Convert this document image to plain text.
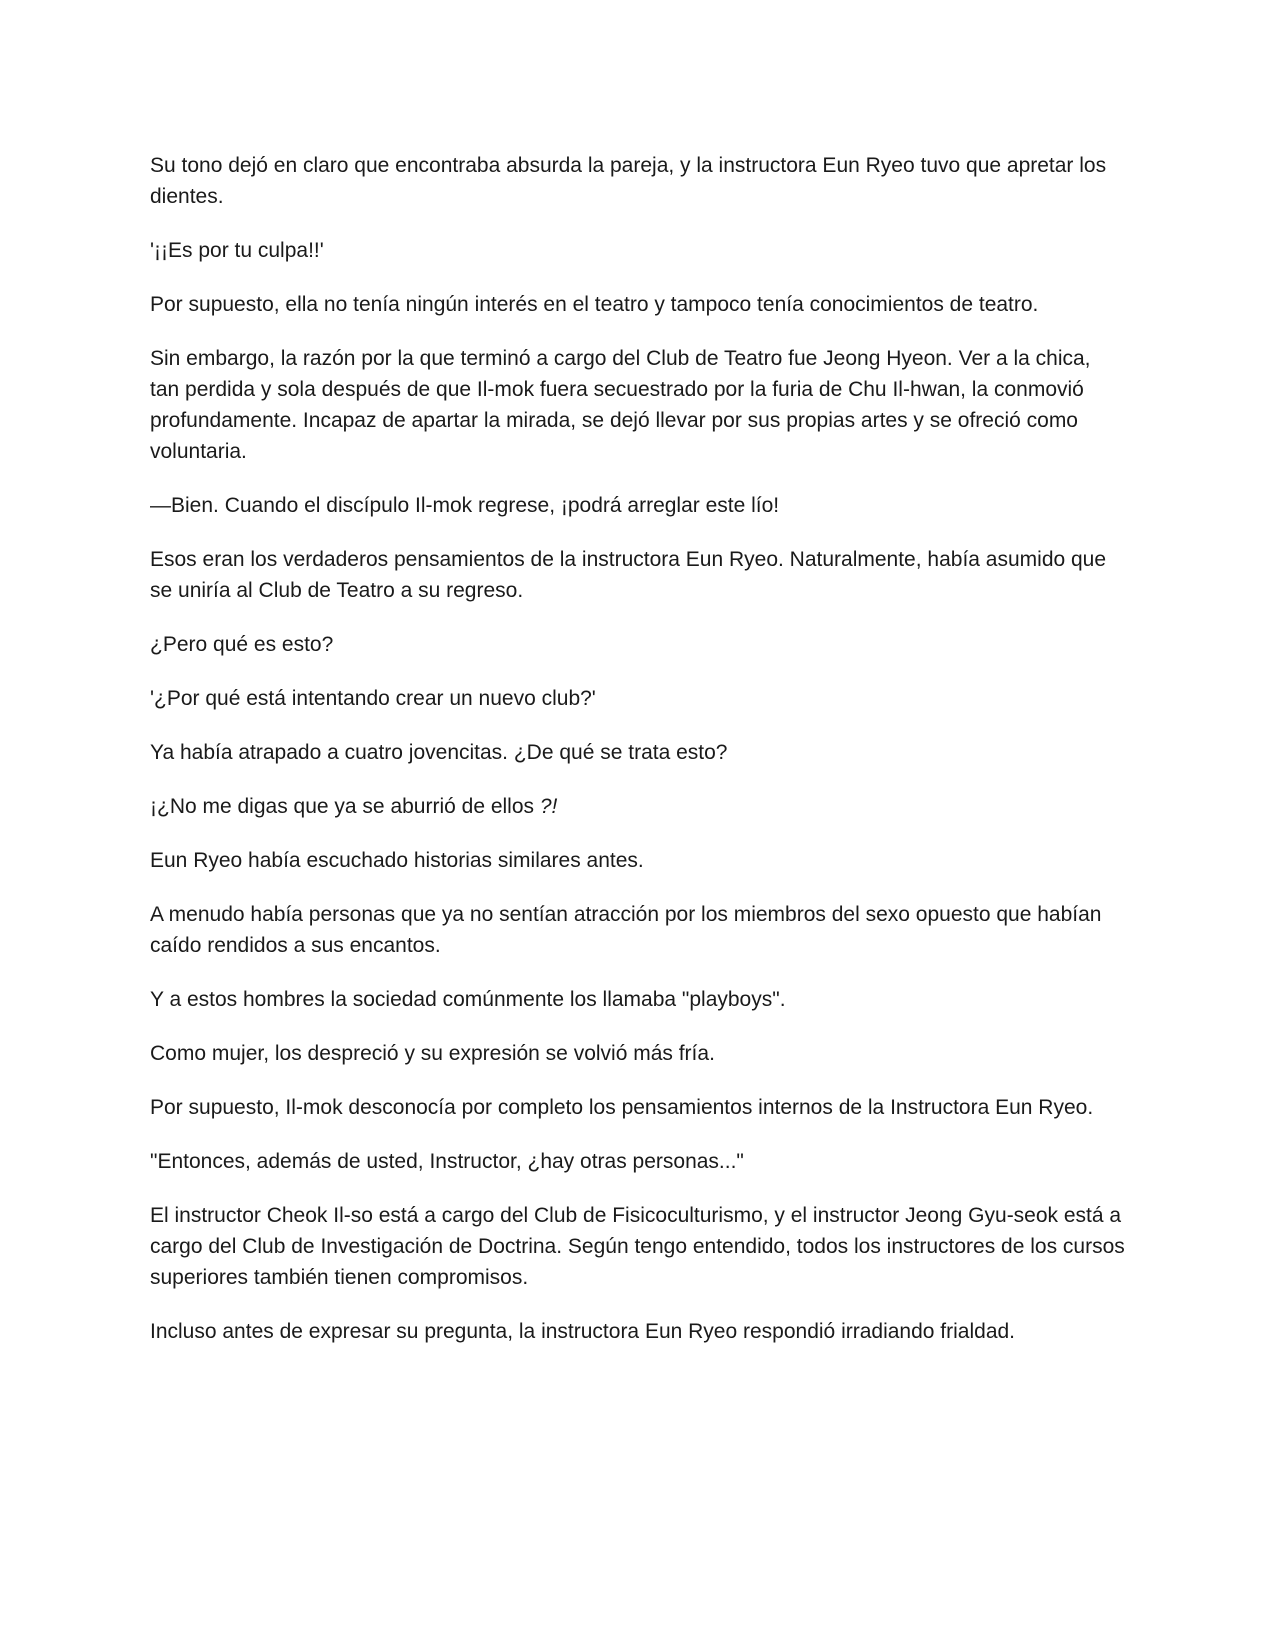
Su tono dejó en claro que encontraba absurda la pareja, y la instructora Eun Ryeo tuvo que apretar los dientes.

'¡¡Es por tu culpa!!'

Por supuesto, ella no tenía ningún interés en el teatro y tampoco tenía conocimientos de teatro.

Sin embargo, la razón por la que terminó a cargo del Club de Teatro fue Jeong Hyeon. Ver a la chica, tan perdida y sola después de que Il-mok fuera secuestrado por la furia de Chu Il-hwan, la conmovió profundamente. Incapaz de apartar la mirada, se dejó llevar por sus propias artes y se ofreció como voluntaria.

—Bien. Cuando el discípulo Il-mok regrese, ¡podrá arreglar este lío!

Esos eran los verdaderos pensamientos de la instructora Eun Ryeo. Naturalmente, había asumido que se uniría al Club de Teatro a su regreso.

¿Pero qué es esto?

'¿Por qué está intentando crear un nuevo club?'

Ya había atrapado a cuatro jovencitas. ¿De qué se trata esto?

¡¿No me digas que ya se aburrió de ellos ?!

Eun Ryeo había escuchado historias similares antes.

A menudo había personas que ya no sentían atracción por los miembros del sexo opuesto que habían caído rendidos a sus encantos.

Y a estos hombres la sociedad comúnmente los llamaba "playboys".

Como mujer, los despreció y su expresión se volvió más fría.

Por supuesto, Il-mok desconocía por completo los pensamientos internos de la Instructora Eun Ryeo.

"Entonces, además de usted, Instructor, ¿hay otras personas..."

El instructor Cheok Il-so está a cargo del Club de Fisicoculturismo, y el instructor Jeong Gyu-seok está a cargo del Club de Investigación de Doctrina. Según tengo entendido, todos los instructores de los cursos superiores también tienen compromisos.

Incluso antes de expresar su pregunta, la instructora Eun Ryeo respondió irradiando frialdad.
